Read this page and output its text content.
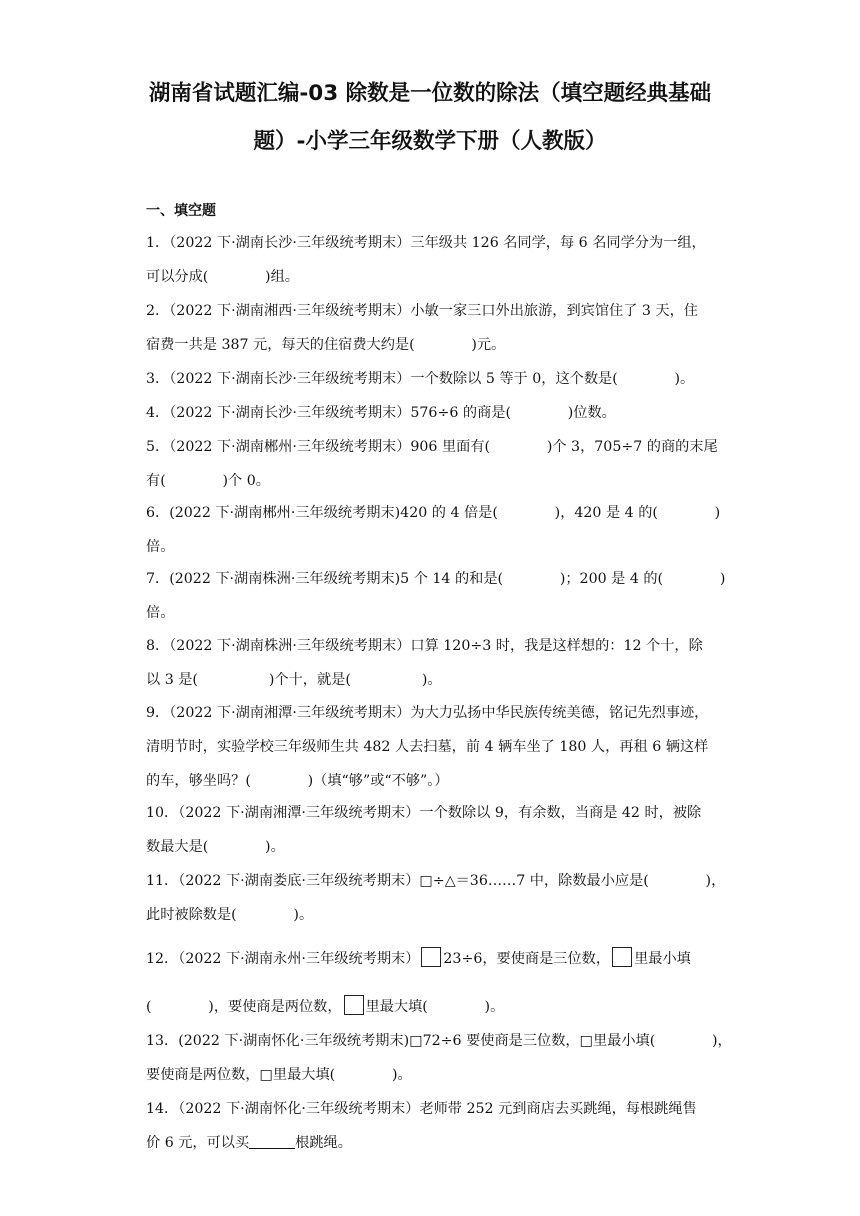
湖南省试题汇编-03 除数是一位数的除法（填空题经典基础
题）-小学三年级数学下册（人教版）
一、填空题
1．（2022 下·湖南长沙·三年级统考期末）三年级共 126 名同学，每 6 名同学分为一组，
可以分成(　　　　)组。
2．（2022 下·湖南湘西·三年级统考期末）小敏一家三口外出旅游，到宾馆住了 3 天，住
宿费一共是 387 元，每天的住宿费大约是(　　　　)元。
3．（2022 下·湖南长沙·三年级统考期末）一个数除以 5 等于 0，这个数是(　　　　)。
4．（2022 下·湖南长沙·三年级统考期末）576÷6 的商是(　　　　)位数。
5．（2022 下·湖南郴州·三年级统考期末）906 里面有(　　　　)个 3，705÷7 的商的末尾
有(　　　　)个 0。
6．(2022 下·湖南郴州·三年级统考期末)420 的 4 倍是(　　　　)，420 是 4 的(　　　　)
倍。
7．(2022 下·湖南株洲·三年级统考期末)5 个 14 的和是(　　　　)；200 是 4 的(　　　　)
倍。
8．（2022 下·湖南株洲·三年级统考期末）口算 120÷3 时，我是这样想的：12 个十，除
以 3 是(　　　　　)个十，就是(　　　　　)。
9．（2022 下·湖南湘潭·三年级统考期末）为大力弘扬中华民族传统美德，铭记先烈事迹，
清明节时，实验学校三年级师生共 482 人去扫墓，前 4 辆车坐了 180 人，再租 6 辆这样
的车，够坐吗？(　　　　)（填“够”或“不够”。）
10．（2022 下·湖南湘潭·三年级统考期末）一个数除以 9，有余数，当商是 42 时，被除
数最大是(　　　　)。
11．（2022 下·湖南娄底·三年级统考期末）□÷△＝36……7 中，除数最小应是(　　　　)，
此时被除数是(　　　　)。
12．（2022 下·湖南永州·三年级统考期末） 23÷6，要使商是三位数， 里最小填
(　　　　)，要使商是两位数， 里最大填(　　　　)。
13．(2022 下·湖南怀化·三年级统考期末)□72÷6 要使商是三位数，□里最小填(　　　　)，
要使商是两位数，□里最大填(　　　　)。
14．（2022 下·湖南怀化·三年级统考期末）老师带 252 元到商店去买跳绳，每根跳绳售
价 6 元，可以买	根跳绳。
